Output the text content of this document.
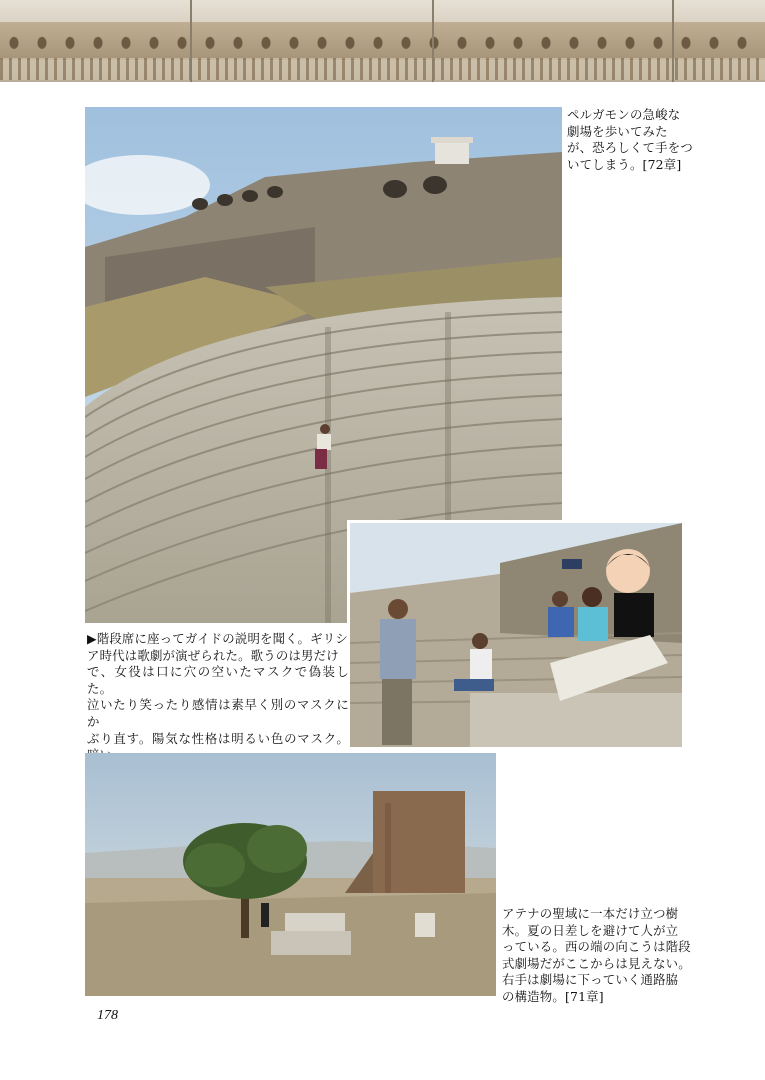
ペルガモンの急峻な
劇場を歩いてみた
が、恐ろしくて手をつ
いてしまう。[72章]
▶階段席に座ってガイドの説明を聞く。ギリシ
ア時代は歌劇が演ぜられた。歌うのは男だけ
で、女役は口に穴の空いたマスクで偽装した。
泣いたり笑ったり感情は素早く別のマスクにか
ぶり直す。陽気な性格は明るい色のマスク。

アテナの聖域に一本だけ立つ樹
木。夏の日差しを避けて人が立
っている。西の端の向こうは階段
式劇場だがここからは見えない。
右手は劇場に下っていく通路脇
の構造物。[71章]
178
